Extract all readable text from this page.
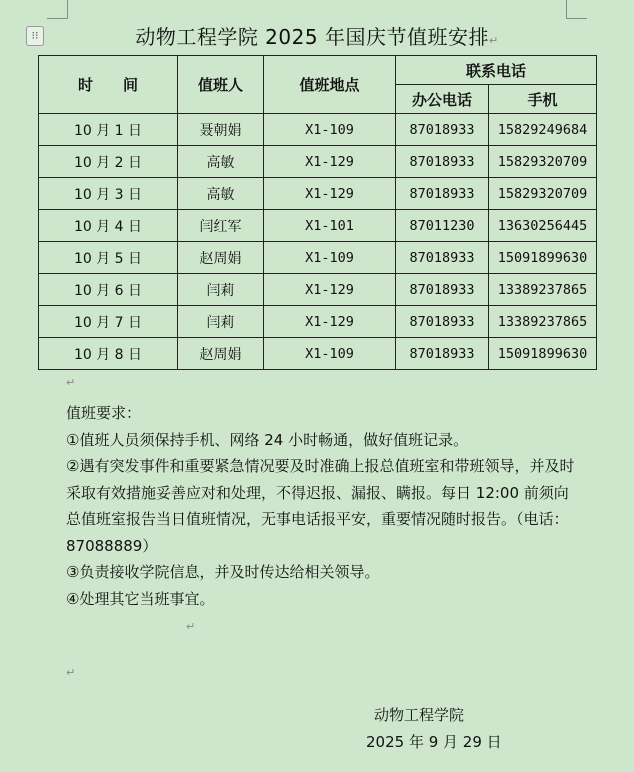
⁝⁝	动物工程学院 2025 年国庆节值班安排↵
时　　间	值班人	值班地点	联系电话	
			办公电话	手机
10 月 1 日	聂朝娟	X1-109	87018933	15829249684
10 月 2 日	高敏	X1-129	87018933	15829320709
10 月 3 日	高敏	X1-129	87018933	15829320709
10 月 4 日	闫红军	X1-101	87011230	13630256445
10 月 5 日	赵周娟	X1-109	87018933	15091899630
10 月 6 日	闫莉	X1-129	87018933	13389237865
10 月 7 日	闫莉	X1-129	87018933	13389237865
10 月 8 日	赵周娟	X1-109	87018933	15091899630

值班要求：

①值班人员须保持手机、网络 24 小时畅通，做好值班记录。

②遇有突发事件和重要紧急情况要及时准确上报总值班室和带班领导，并及时采取有效措施妥善应对和处理，不得迟报、漏报、瞒报。每日 12:00 前须向总值班室报告当日值班情况，无事电话报平安，重要情况随时报告。（电话：87088889）

③负责接收学院信息，并及时传达给相关领导。

④处理其它当班事宜。

↵
↵
↵
动物工程学院
2025 年 9 月 29 日
